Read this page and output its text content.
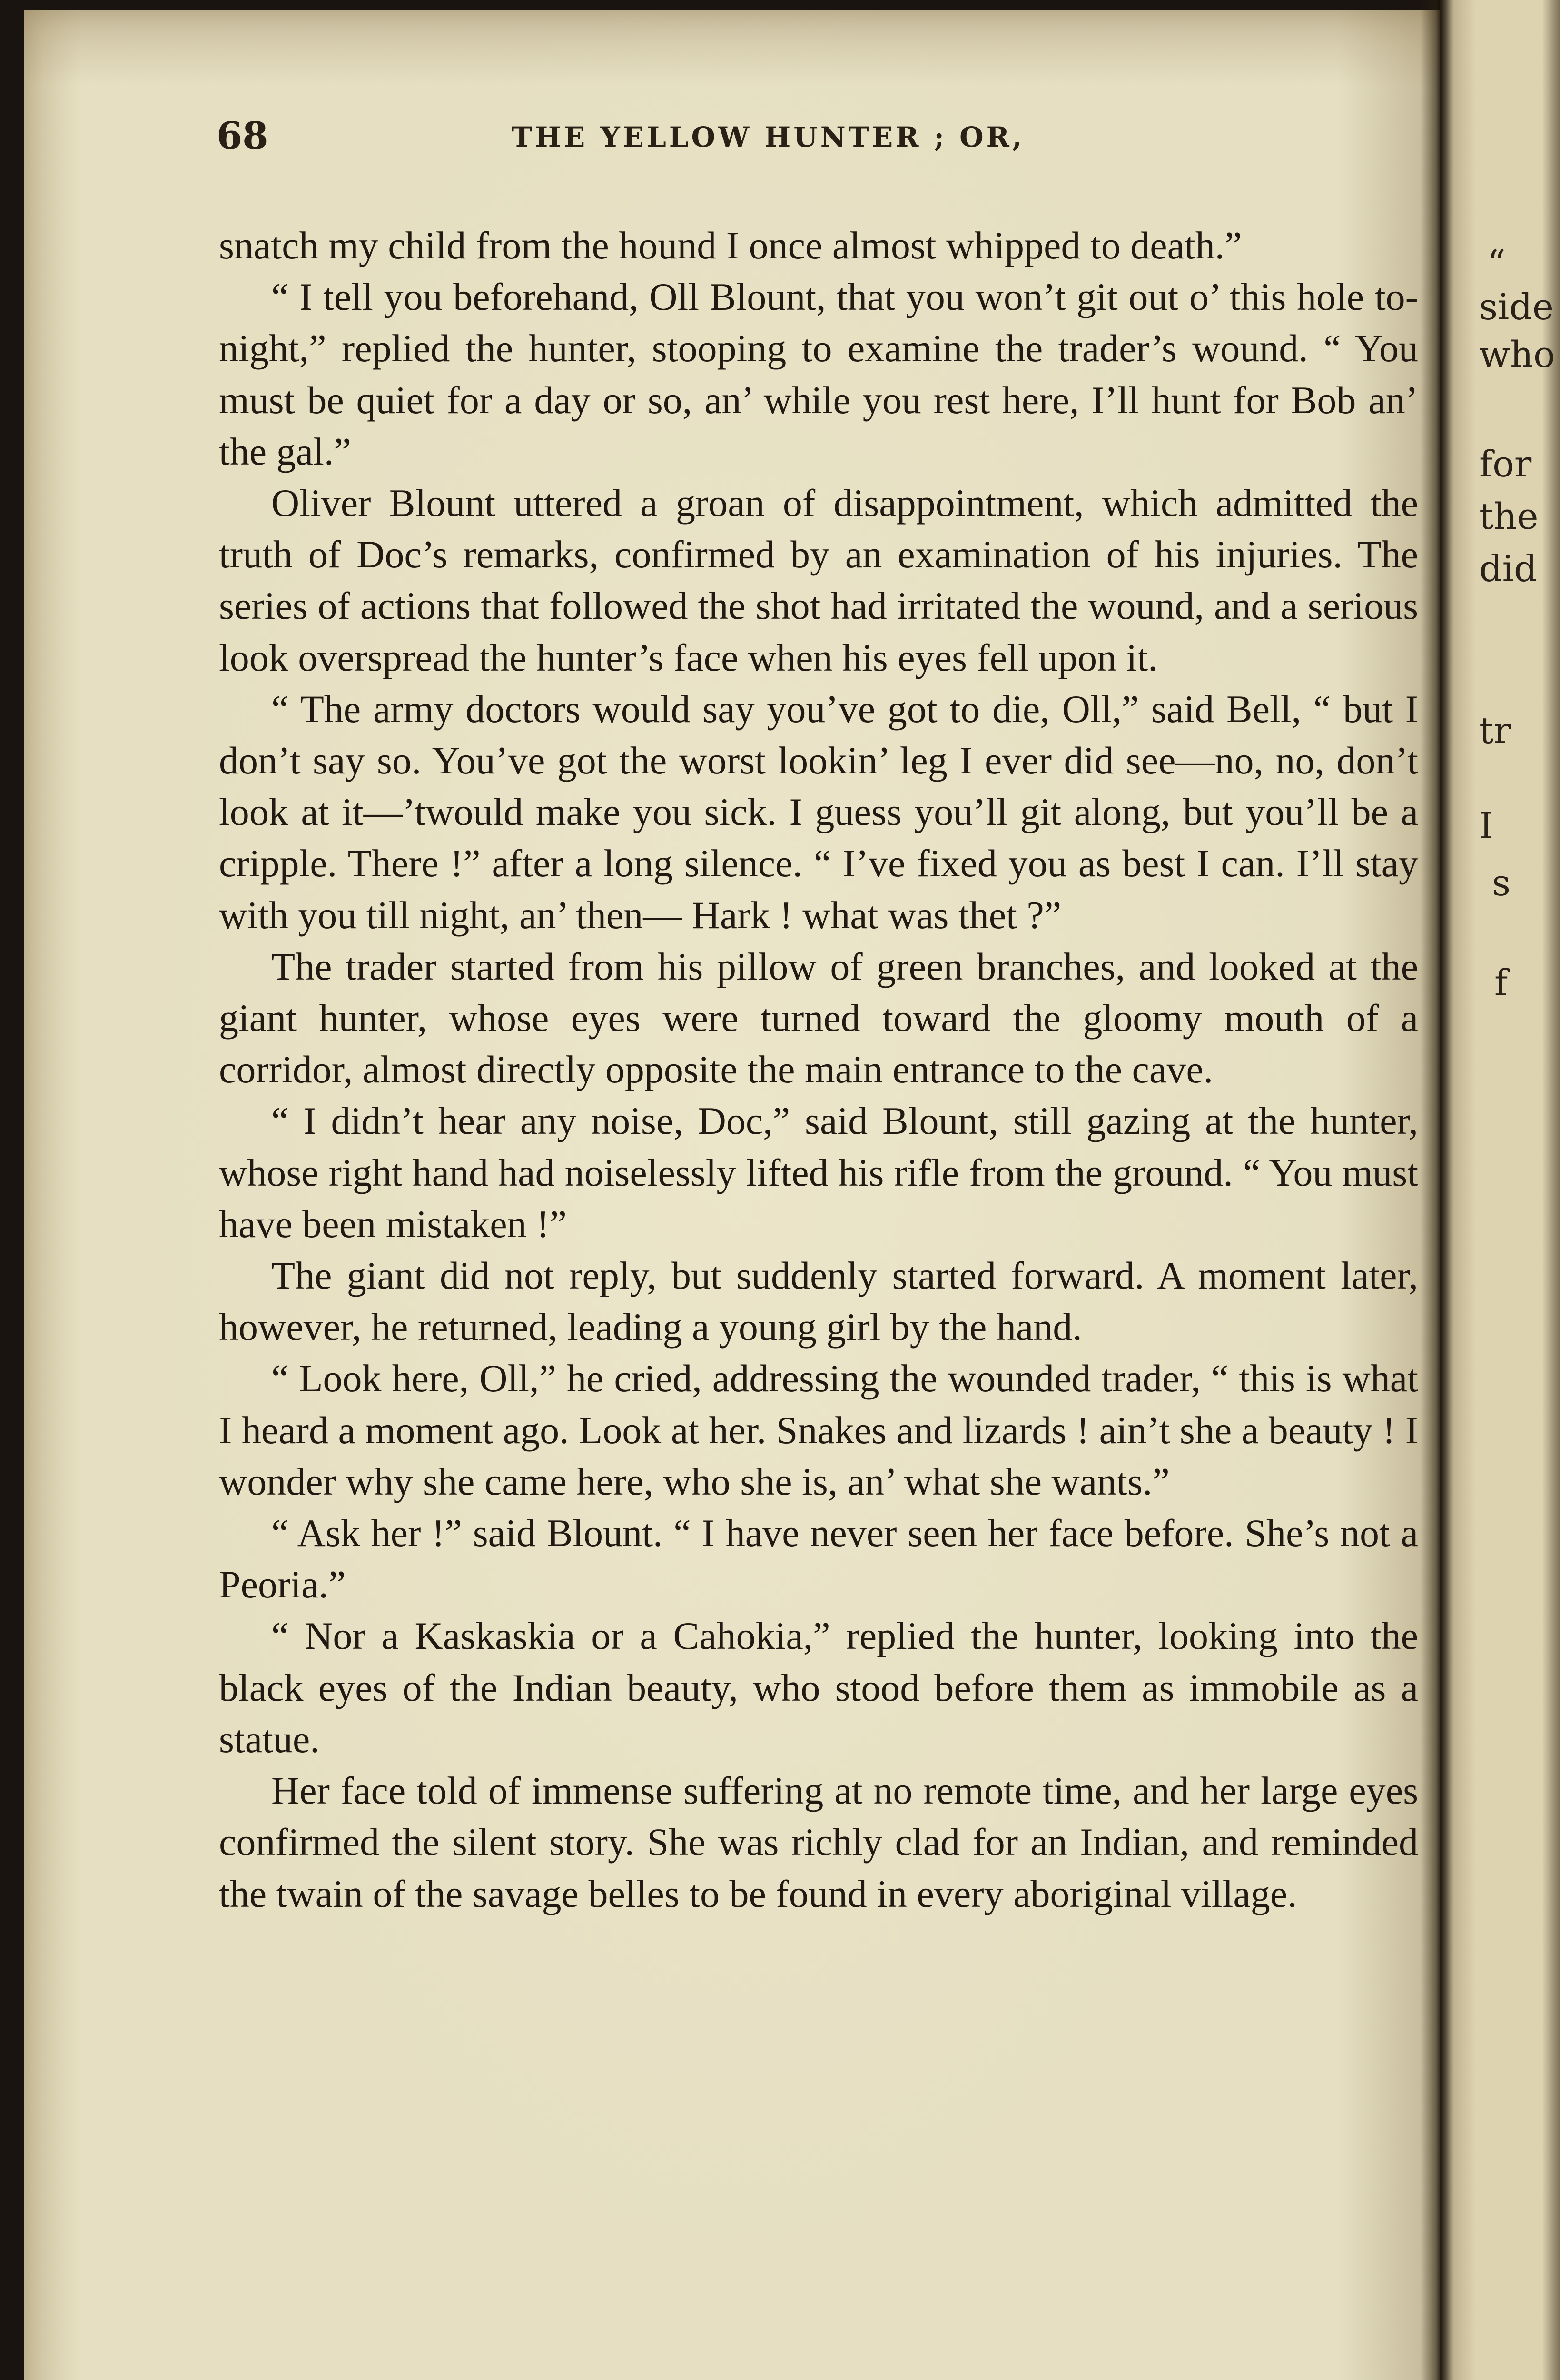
“
side
who
for
the
did
tr
I
s
f
68	THE YELLOW HUNTER ; OR,

snatch my child from the hound I once almost whipped to death.”

“ I tell you beforehand, Oll Blount, that you won’t git out o’ this hole to-night,” replied the hunter, stooping to examine the trader’s wound. “ You must be quiet for a day or so, an’ while you rest here, I’ll hunt for Bob an’ the gal.”

Oliver Blount uttered a groan of disappointment, which admitted the truth of Doc’s remarks, confirmed by an examination of his injuries. The series of actions that followed the shot had irritated the wound, and a serious look overspread the hunter’s face when his eyes fell upon it.

“ The army doctors would say you’ve got to die, Oll,” said Bell, “ but I don’t say so. You’ve got the worst lookin’ leg I ever did see—no, no, don’t look at it—’twould make you sick. I guess you’ll git along, but you’ll be a cripple. There !” after a long silence. “ I’ve fixed you as best I can. I’ll stay with you till night, an’ then— Hark ! what was thet ?”

The trader started from his pillow of green branches, and looked at the giant hunter, whose eyes were turned toward the gloomy mouth of a corridor, almost directly opposite the main entrance to the cave.

“ I didn’t hear any noise, Doc,” said Blount, still gazing at the hunter, whose right hand had noiselessly lifted his rifle from the ground. “ You must have been mistaken !”

The giant did not reply, but suddenly started forward. A moment later, however, he returned, leading a young girl by the hand.

“ Look here, Oll,” he cried, addressing the wounded trader, “ this is what I heard a moment ago. Look at her. Snakes and lizards ! ain’t she a beauty ! I wonder why she came here, who she is, an’ what she wants.”

“ Ask her !” said Blount. “ I have never seen her face before. She’s not a Peoria.”

“ Nor a Kaskaskia or a Cahokia,” replied the hunter, looking into the black eyes of the Indian beauty, who stood before them as immobile as a statue.

Her face told of immense suffering at no remote time, and her large eyes confirmed the silent story. She was richly clad for an Indian, and reminded the twain of the savage belles to be found in every aboriginal village.
